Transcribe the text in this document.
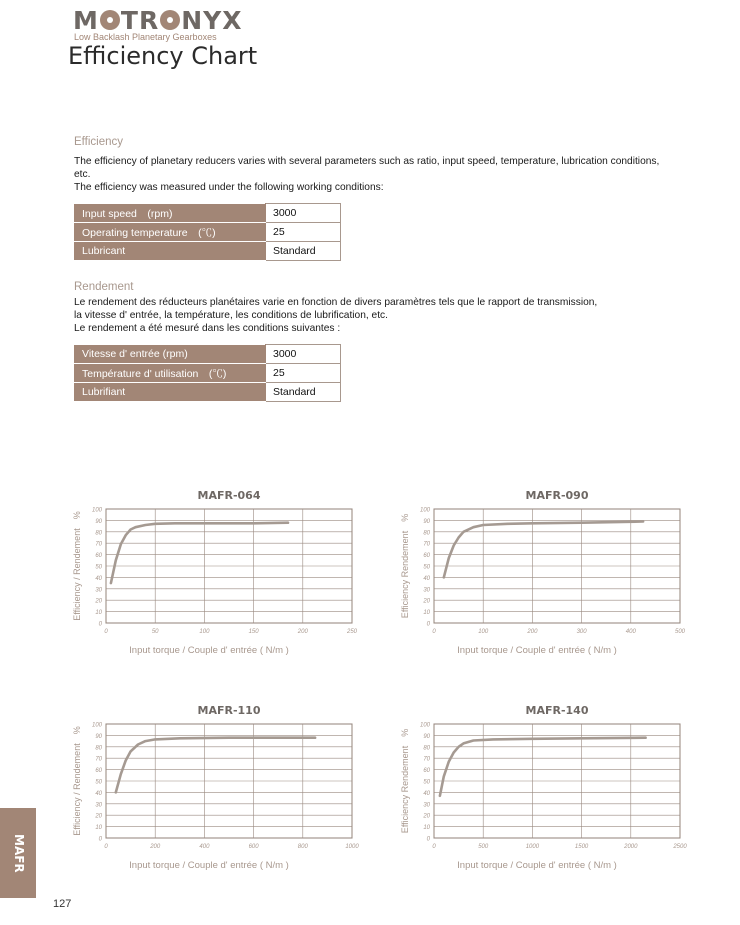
M TR NYX
Low Backlash Planetary Gearboxes
Efficiency Chart
Efficiency

The efficiency of planetary reducers varies with several parameters such as ratio, input speed, temperature, lubrication conditions, etc.

The efficiency was measured under the following working conditions:

Input speed　(rpm)	3000
Operating temperature　(℃)	25
Lubricant	Standard
Rendement

Le rendement des réducteurs planétaires varie en fonction de divers paramètres tels que le rapport de transmission,

la vitesse d' entrée, la température, les conditions de lubrification, etc.

Le rendement a été mesuré dans les conditions suivantes :

Vitesse d' entrée (rpm)	3000
Température d' utilisation　(℃)	25
Lubrifiant	Standard
MAFR-064
0
10
20
30
40
50
60
70
80
90
100
0	50	100	150	200	250
Input torque / Couple d' entrée ( N/m )
Efficiency / Rendement　%
MAFR-090
0
10
20
30
40
50
60
70
80
90
100
0	100	200	300	400	500
Input torque / Couple d' entrée ( N/m )
Efficiency Rendement　%
MAFR-110
0
10
20
30
40
50
60
70
80
90
100
0	200	400	600	800	1000
Input torque / Couple d' entrée ( N/m )
Efficiency / Rendement　%
MAFR-140
0
10
20
30
40
50
60
70
80
90
100
0	500	1000	1500	2000	2500
Input torque / Couple d' entrée ( N/m )
Efficiency Rendement　%
MAFR
127
